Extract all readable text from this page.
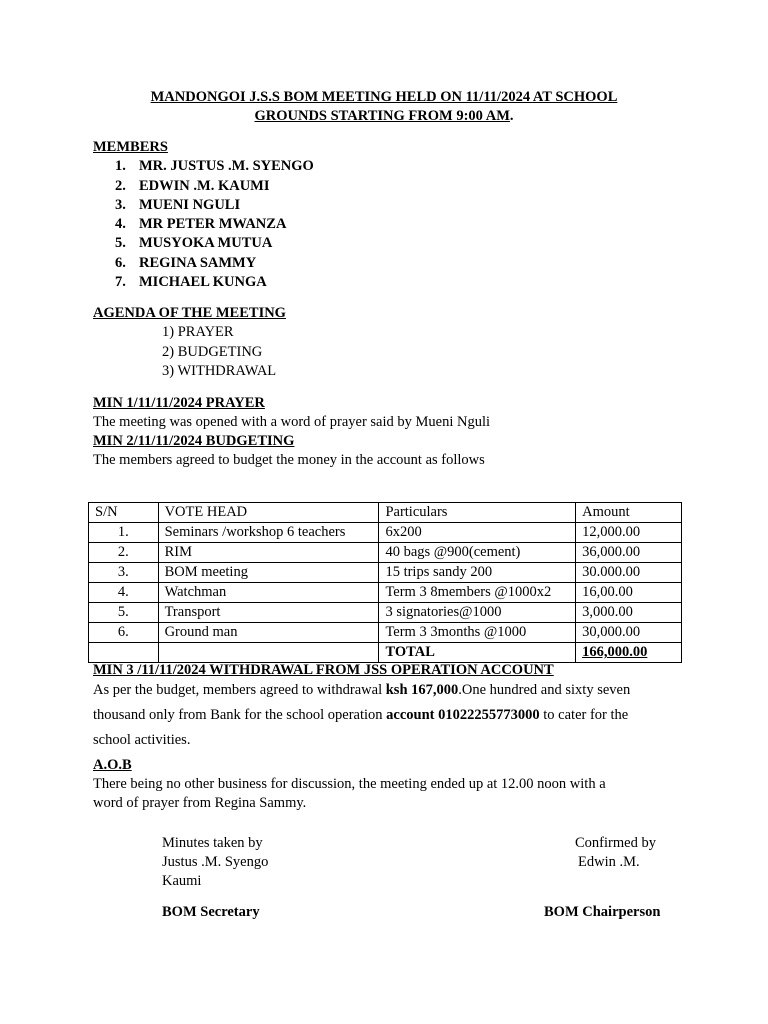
MANDONGOI J.S.S BOM MEETING HELD ON 11/11/2024 AT SCHOOL
GROUNDS STARTING FROM 9:00 AM.
MEMBERS
1. MR. JUSTUS .M. SYENGO
2. EDWIN .M. KAUMI
3. MUENI NGULI
4. MR PETER MWANZA
5. MUSYOKA MUTUA
6. REGINA SAMMY
7. MICHAEL KUNGA
AGENDA OF THE MEETING
1) PRAYER
2) BUDGETING
3) WITHDRAWAL
MIN 1/11/11/2024 PRAYER
The meeting was opened with a word of prayer said by Mueni Nguli
MIN 2/11/11/2024 BUDGETING
The members agreed to budget the money in the account as follows
S/N	VOTE HEAD	Particulars	Amount
1.	Seminars /workshop 6 teachers	6x200	12,000.00
2.	RIM	40 bags @900(cement)	36,000.00
3.	BOM meeting	15 trips sandy 200	30.000.00
4.	Watchman	Term 3 8members @1000x2	16,00.00
5.	Transport	3 signatories@1000	3,000.00
6.	Ground man	Term 3 3months @1000	30,000.00
		TOTAL	166,000.00
MIN 3 /11/11/2024 WITHDRAWAL FROM JSS OPERATION ACCOUNT
As per the budget, members agreed to withdrawal ksh 167,000.One hundred and sixty seven
thousand only from Bank for the school operation account 01022255773000 to cater for the
school activities.
A.O.B
There being no other business for discussion, the meeting ended up at 12.00 noon with a
word of prayer from Regina Sammy.
Minutes taken by
Justus .M. Syengo
Kaumi
Confirmed by
Edwin .M.
BOM Secretary	BOM Chairperson
